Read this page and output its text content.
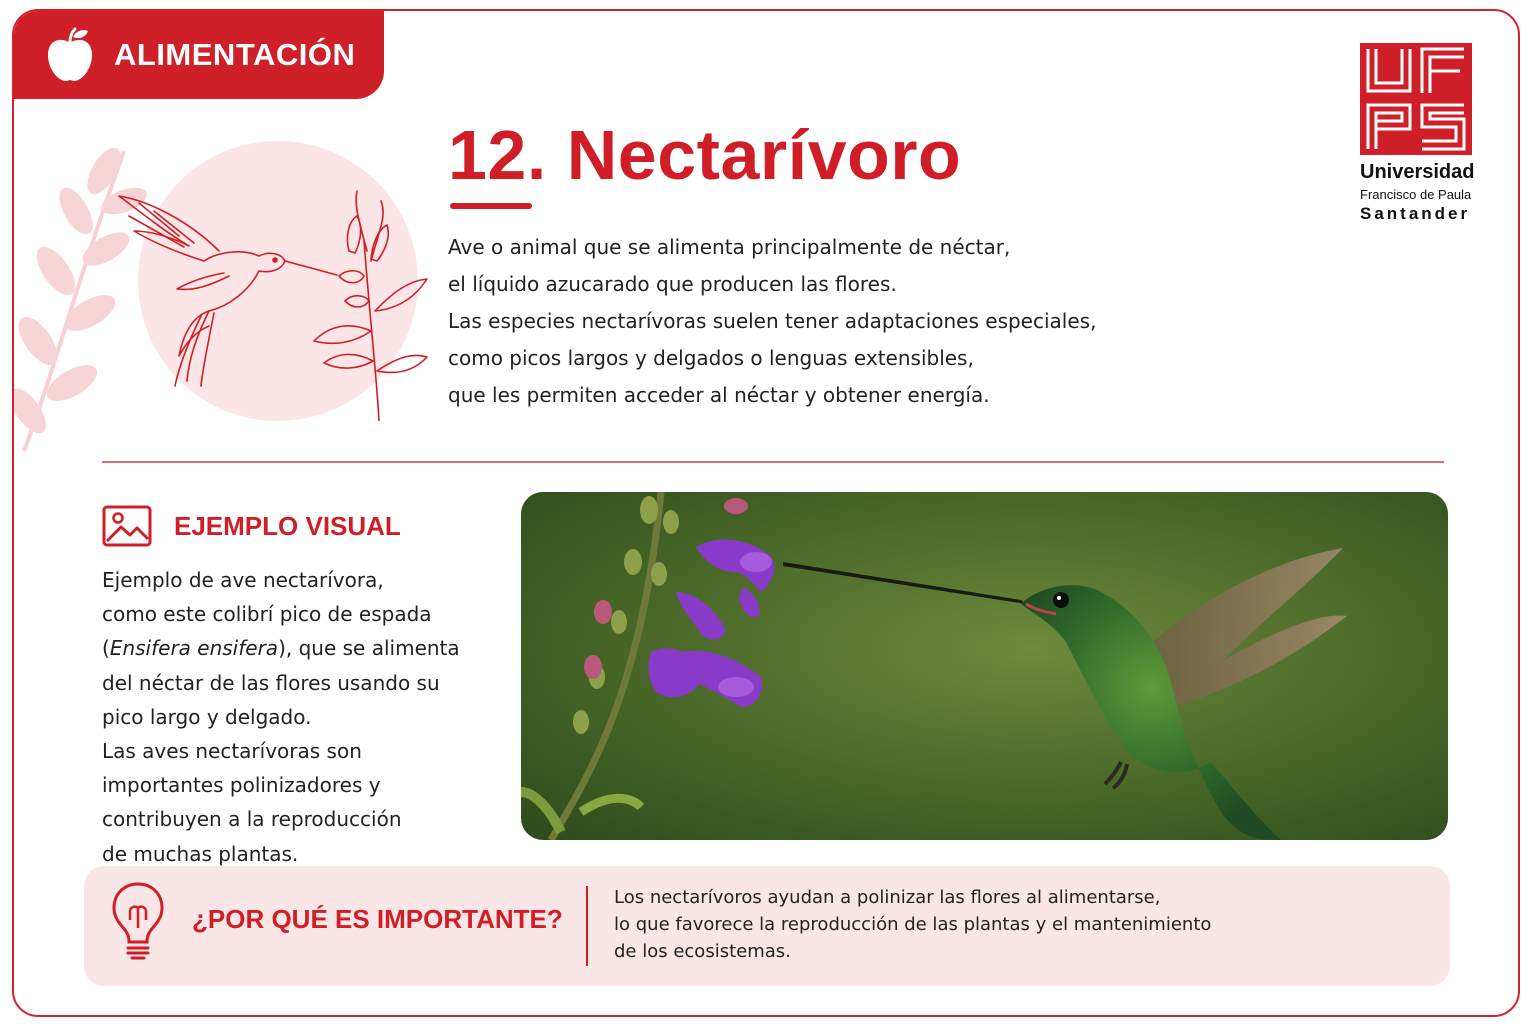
ALIMENTACIÓN
12. Nectarívoro

Ave o animal que se alimenta principalmente de néctar,

el líquido azucarado que producen las flores.

Las especies nectarívoras suelen tener adaptaciones especiales,

como picos largos y delgados o lenguas extensibles,

que les permiten acceder al néctar y obtener energía.

Universidad
Francisco de Paula
Santander
EJEMPLO VISUAL

Ejemplo de ave nectarívora,

como este colibrí pico de espada

(Ensifera ensifera), que se alimenta

del néctar de las flores usando su

pico largo y delgado.

Las aves nectarívoras son

importantes polinizadores y

contribuyen a la reproducción

de muchas plantas.

¿POR QUÉ ES IMPORTANTE?

Los nectarívoros ayudan a polinizar las flores al alimentarse,

lo que favorece la reproducción de las plantas y el mantenimiento

de los ecosistemas.
